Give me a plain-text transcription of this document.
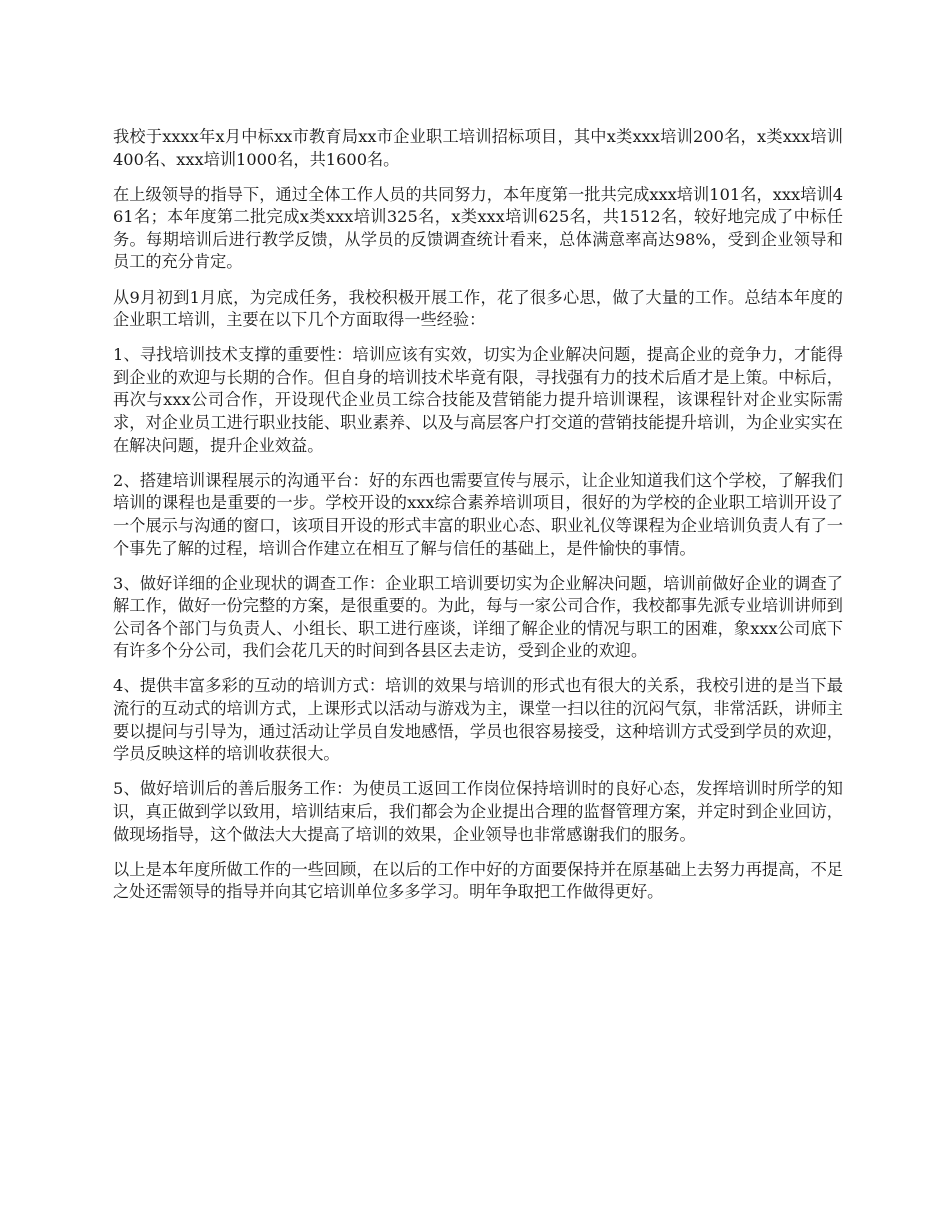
我校于xxxx年x月中标xx市教育局xx市企业职工培训招标项目，其中x类xxx培训200名，x类xxx培训400名、xxx培训1000名，共1600名。

在上级领导的指导下，通过全体工作人员的共同努力，本年度第一批共完成xxx培训101名，xxx培训461名；本年度第二批完成x类xxx培训325名，x类xxx培训625名，共1512名，较好地完成了中标任务。每期培训后进行教学反馈，从学员的反馈调查统计看来，总体满意率高达98%，受到企业领导和员工的充分肯定。

从9月初到1月底，为完成任务，我校积极开展工作，花了很多心思，做了大量的工作。总结本年度的企业职工培训，主要在以下几个方面取得一些经验：

1、寻找培训技术支撑的重要性：培训应该有实效，切实为企业解决问题，提高企业的竞争力，才能得到企业的欢迎与长期的合作。但自身的培训技术毕竟有限，寻找强有力的技术后盾才是上策。中标后，再次与xxx公司合作，开设现代企业员工综合技能及营销能力提升培训课程，该课程针对企业实际需求，对企业员工进行职业技能、职业素养、以及与高层客户打交道的营销技能提升培训，为企业实实在在解决问题，提升企业效益。

2、搭建培训课程展示的沟通平台：好的东西也需要宣传与展示，让企业知道我们这个学校，了解我们培训的课程也是重要的一步。学校开设的xxx综合素养培训项目，很好的为学校的企业职工培训开设了一个展示与沟通的窗口，该项目开设的形式丰富的职业心态、职业礼仪等课程为企业培训负责人有了一个事先了解的过程，培训合作建立在相互了解与信任的基础上，是件愉快的事情。

3、做好详细的企业现状的调查工作：企业职工培训要切实为企业解决问题，培训前做好企业的调查了解工作，做好一份完整的方案，是很重要的。为此，每与一家公司合作，我校都事先派专业培训讲师到公司各个部门与负责人、小组长、职工进行座谈，详细了解企业的情况与职工的困难，象xxx公司底下有许多个分公司，我们会花几天的时间到各县区去走访，受到企业的欢迎。

4、提供丰富多彩的互动的培训方式：培训的效果与培训的形式也有很大的关系，我校引进的是当下最流行的互动式的培训方式，上课形式以活动与游戏为主，课堂一扫以往的沉闷气氛，非常活跃，讲师主要以提问与引导为，通过活动让学员自发地感悟，学员也很容易接受，这种培训方式受到学员的欢迎，学员反映这样的培训收获很大。

5、做好培训后的善后服务工作：为使员工返回工作岗位保持培训时的良好心态，发挥培训时所学的知识，真正做到学以致用，培训结束后，我们都会为企业提出合理的监督管理方案，并定时到企业回访，做现场指导，这个做法大大提高了培训的效果，企业领导也非常感谢我们的服务。

以上是本年度所做工作的一些回顾，在以后的工作中好的方面要保持并在原基础上去努力再提高，不足之处还需领导的指导并向其它培训单位多多学习。明年争取把工作做得更好。
